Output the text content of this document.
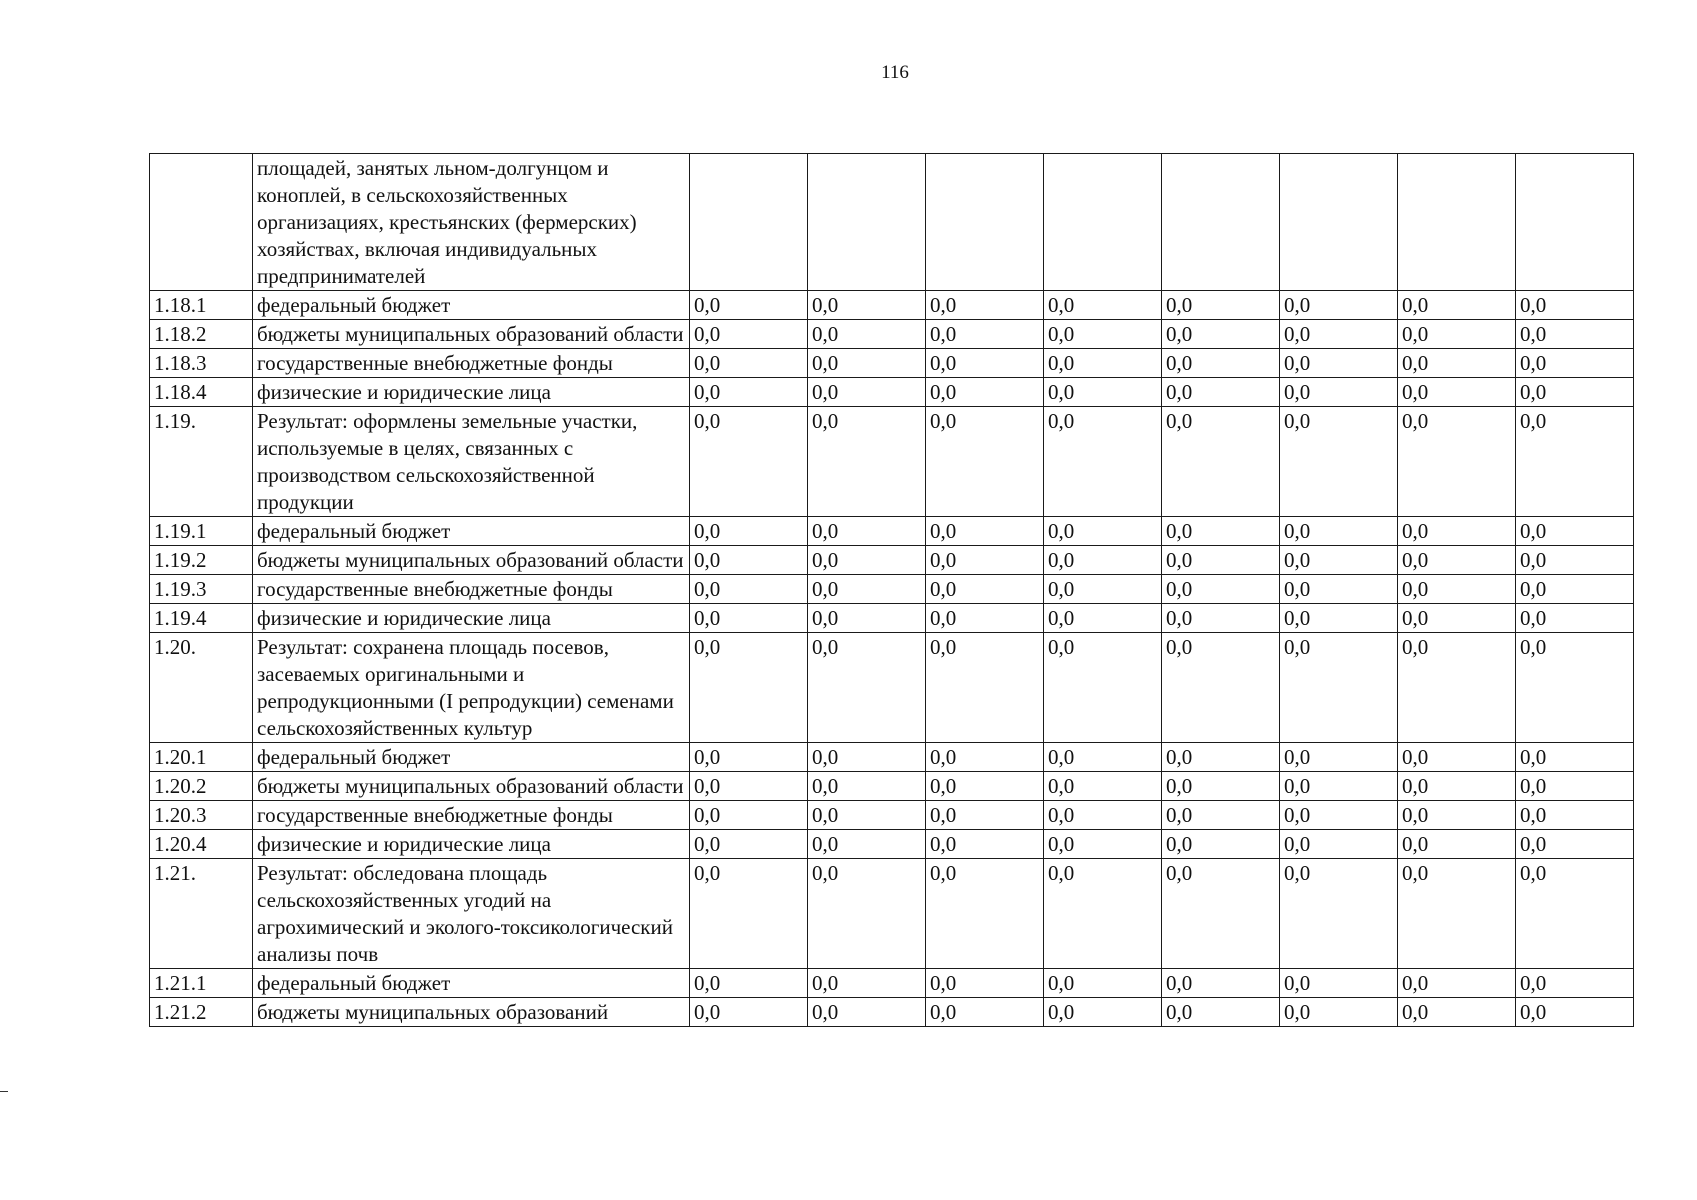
116
	площадей, занятых льном-долгунцом и коноплей, в сельскохозяйственных организациях, крестьянских (фермерских) хозяйствах, включая индивидуальных предпринимателей								
1.18.1	федеральный бюджет	0,0	0,0	0,0	0,0	0,0	0,0	0,0	0,0
1.18.2	бюджеты муниципальных образований области	0,0	0,0	0,0	0,0	0,0	0,0	0,0	0,0
1.18.3	государственные внебюджетные фонды	0,0	0,0	0,0	0,0	0,0	0,0	0,0	0,0
1.18.4	физические и юридические лица	0,0	0,0	0,0	0,0	0,0	0,0	0,0	0,0
1.19.	Результат: оформлены земельные участки, используемые в целях, связанных с производством сельскохозяйственной продукции	0,0	0,0	0,0	0,0	0,0	0,0	0,0	0,0
1.19.1	федеральный бюджет	0,0	0,0	0,0	0,0	0,0	0,0	0,0	0,0
1.19.2	бюджеты муниципальных образований области	0,0	0,0	0,0	0,0	0,0	0,0	0,0	0,0
1.19.3	государственные внебюджетные фонды	0,0	0,0	0,0	0,0	0,0	0,0	0,0	0,0
1.19.4	физические и юридические лица	0,0	0,0	0,0	0,0	0,0	0,0	0,0	0,0
1.20.	Результат: сохранена площадь посевов, засеваемых оригинальными и репродукционными (I репродукции) семенами сельскохозяйственных культур	0,0	0,0	0,0	0,0	0,0	0,0	0,0	0,0
1.20.1	федеральный бюджет	0,0	0,0	0,0	0,0	0,0	0,0	0,0	0,0
1.20.2	бюджеты муниципальных образований области	0,0	0,0	0,0	0,0	0,0	0,0	0,0	0,0
1.20.3	государственные внебюджетные фонды	0,0	0,0	0,0	0,0	0,0	0,0	0,0	0,0
1.20.4	физические и юридические лица	0,0	0,0	0,0	0,0	0,0	0,0	0,0	0,0
1.21.	Результат: обследована площадь сельскохозяйственных угодий на агрохимический и эколого-токсикологический анализы почв	0,0	0,0	0,0	0,0	0,0	0,0	0,0	0,0
1.21.1	федеральный бюджет	0,0	0,0	0,0	0,0	0,0	0,0	0,0	0,0
1.21.2	бюджеты муниципальных образований	0,0	0,0	0,0	0,0	0,0	0,0	0,0	0,0
